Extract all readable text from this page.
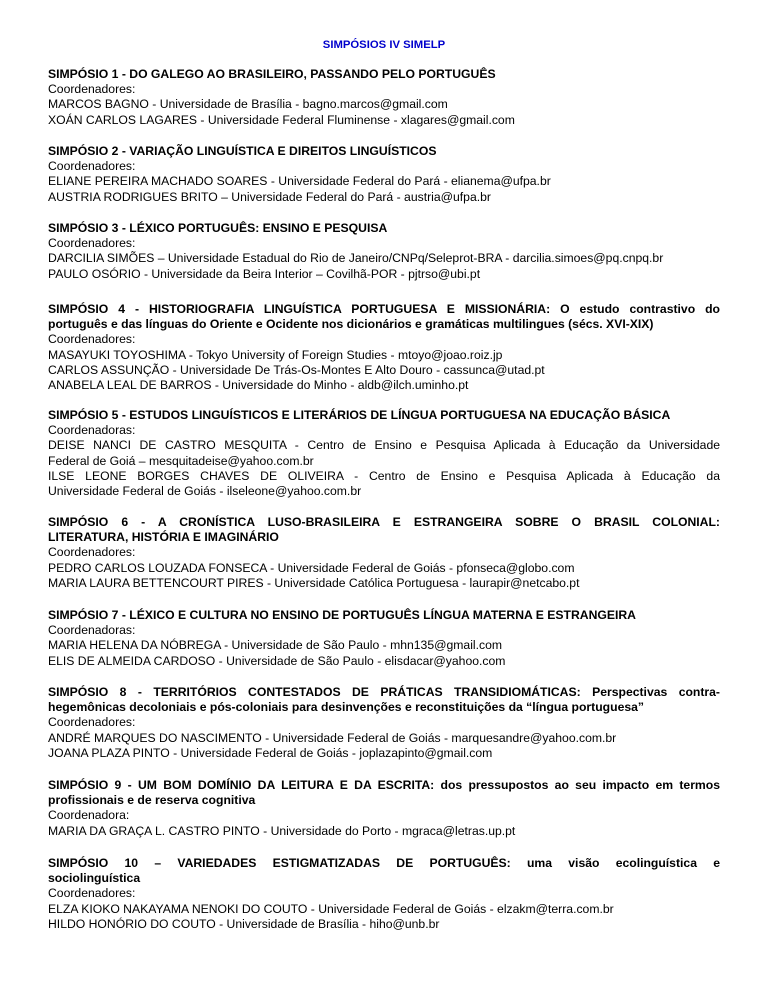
SIMPÓSIOS IV SIMELP
SIMPÓSIO 1 - DO GALEGO AO BRASILEIRO, PASSANDO PELO PORTUGUÊS
Coordenadores:
MARCOS BAGNO - Universidade de Brasília - bagno.marcos@gmail.com
XOÁN CARLOS LAGARES - Universidade Federal Fluminense - xlagares@gmail.com
SIMPÓSIO 2 - VARIAÇÃO LINGUÍSTICA E DIREITOS LINGUÍSTICOS
Coordenadores:
ELIANE PEREIRA MACHADO SOARES - Universidade Federal do Pará - elianema@ufpa.br
AUSTRIA RODRIGUES BRITO – Universidade Federal do Pará - austria@ufpa.br
SIMPÓSIO 3 - LÉXICO PORTUGUÊS: ENSINO E PESQUISA
Coordenadores:
DARCILIA SIMÕES – Universidade Estadual do Rio de Janeiro/CNPq/Seleprot-BRA - darcilia.simoes@pq.cnpq.br
PAULO OSÓRIO - Universidade da Beira Interior – Covilhã-POR - pjtrso@ubi.pt
SIMPÓSIO 4 - HISTORIOGRAFIA LINGUÍSTICA PORTUGUESA E MISSIONÁRIA: O estudo contrastivo do
português e das línguas do Oriente e Ocidente nos dicionários e gramáticas multilingues (sécs. XVI-XIX)
Coordenadores:
MASAYUKI TOYOSHIMA - Tokyo University of Foreign Studies - mtoyo@joao.roiz.jp
CARLOS ASSUNÇÃO - Universidade De Trás-Os-Montes E Alto Douro - cassunca@utad.pt
ANABELA LEAL DE BARROS - Universidade do Minho - aldb@ilch.uminho.pt
SIMPÓSIO 5 - ESTUDOS LINGUÍSTICOS E LITERÁRIOS DE LÍNGUA PORTUGUESA NA EDUCAÇÃO BÁSICA
Coordenadoras:
DEISE NANCI DE CASTRO MESQUITA - Centro de Ensino e Pesquisa Aplicada à Educação da Universidade
Federal de Goiá – mesquitadeise@yahoo.com.br
ILSE LEONE BORGES CHAVES DE OLIVEIRA - Centro de Ensino e Pesquisa Aplicada à Educação da
Universidade Federal de Goiás - ilseleone@yahoo.com.br
SIMPÓSIO 6 - A CRONÍSTICA LUSO-BRASILEIRA E ESTRANGEIRA SOBRE O BRASIL COLONIAL:
LITERATURA, HISTÓRIA E IMAGINÁRIO
Coordenadores:
PEDRO CARLOS LOUZADA FONSECA - Universidade Federal de Goiás - pfonseca@globo.com
MARIA LAURA BETTENCOURT PIRES - Universidade Católica Portuguesa - laurapir@netcabo.pt
SIMPÓSIO 7 - LÉXICO E CULTURA NO ENSINO DE PORTUGUÊS LÍNGUA MATERNA E ESTRANGEIRA
Coordenadoras:
MARIA HELENA DA NÓBREGA - Universidade de São Paulo - mhn135@gmail.com
ELIS DE ALMEIDA CARDOSO - Universidade de São Paulo - elisdacar@yahoo.com
SIMPÓSIO 8 - TERRITÓRIOS CONTESTADOS DE PRÁTICAS TRANSIDIOMÁTICAS: Perspectivas contra-
hegemônicas decoloniais e pós-coloniais para desinvenções e reconstituições da “língua portuguesa”
Coordenadores:
ANDRÉ MARQUES DO NASCIMENTO - Universidade Federal de Goiás - marquesandre@yahoo.com.br
JOANA PLAZA PINTO - Universidade Federal de Goiás - joplazapinto@gmail.com
SIMPÓSIO 9 - UM BOM DOMÍNIO DA LEITURA E DA ESCRITA: dos pressupostos ao seu impacto em termos
profissionais e de reserva cognitiva
Coordenadora:
MARIA DA GRAÇA L. CASTRO PINTO - Universidade do Porto - mgraca@letras.up.pt
SIMPÓSIO 10 – VARIEDADES ESTIGMATIZADAS DE PORTUGUÊS: uma visão ecolinguística e
sociolinguística
Coordenadores:
ELZA KIOKO NAKAYAMA NENOKI DO COUTO - Universidade Federal de Goiás - elzakm@terra.com.br
HILDO HONÓRIO DO COUTO - Universidade de Brasília - hiho@unb.br
